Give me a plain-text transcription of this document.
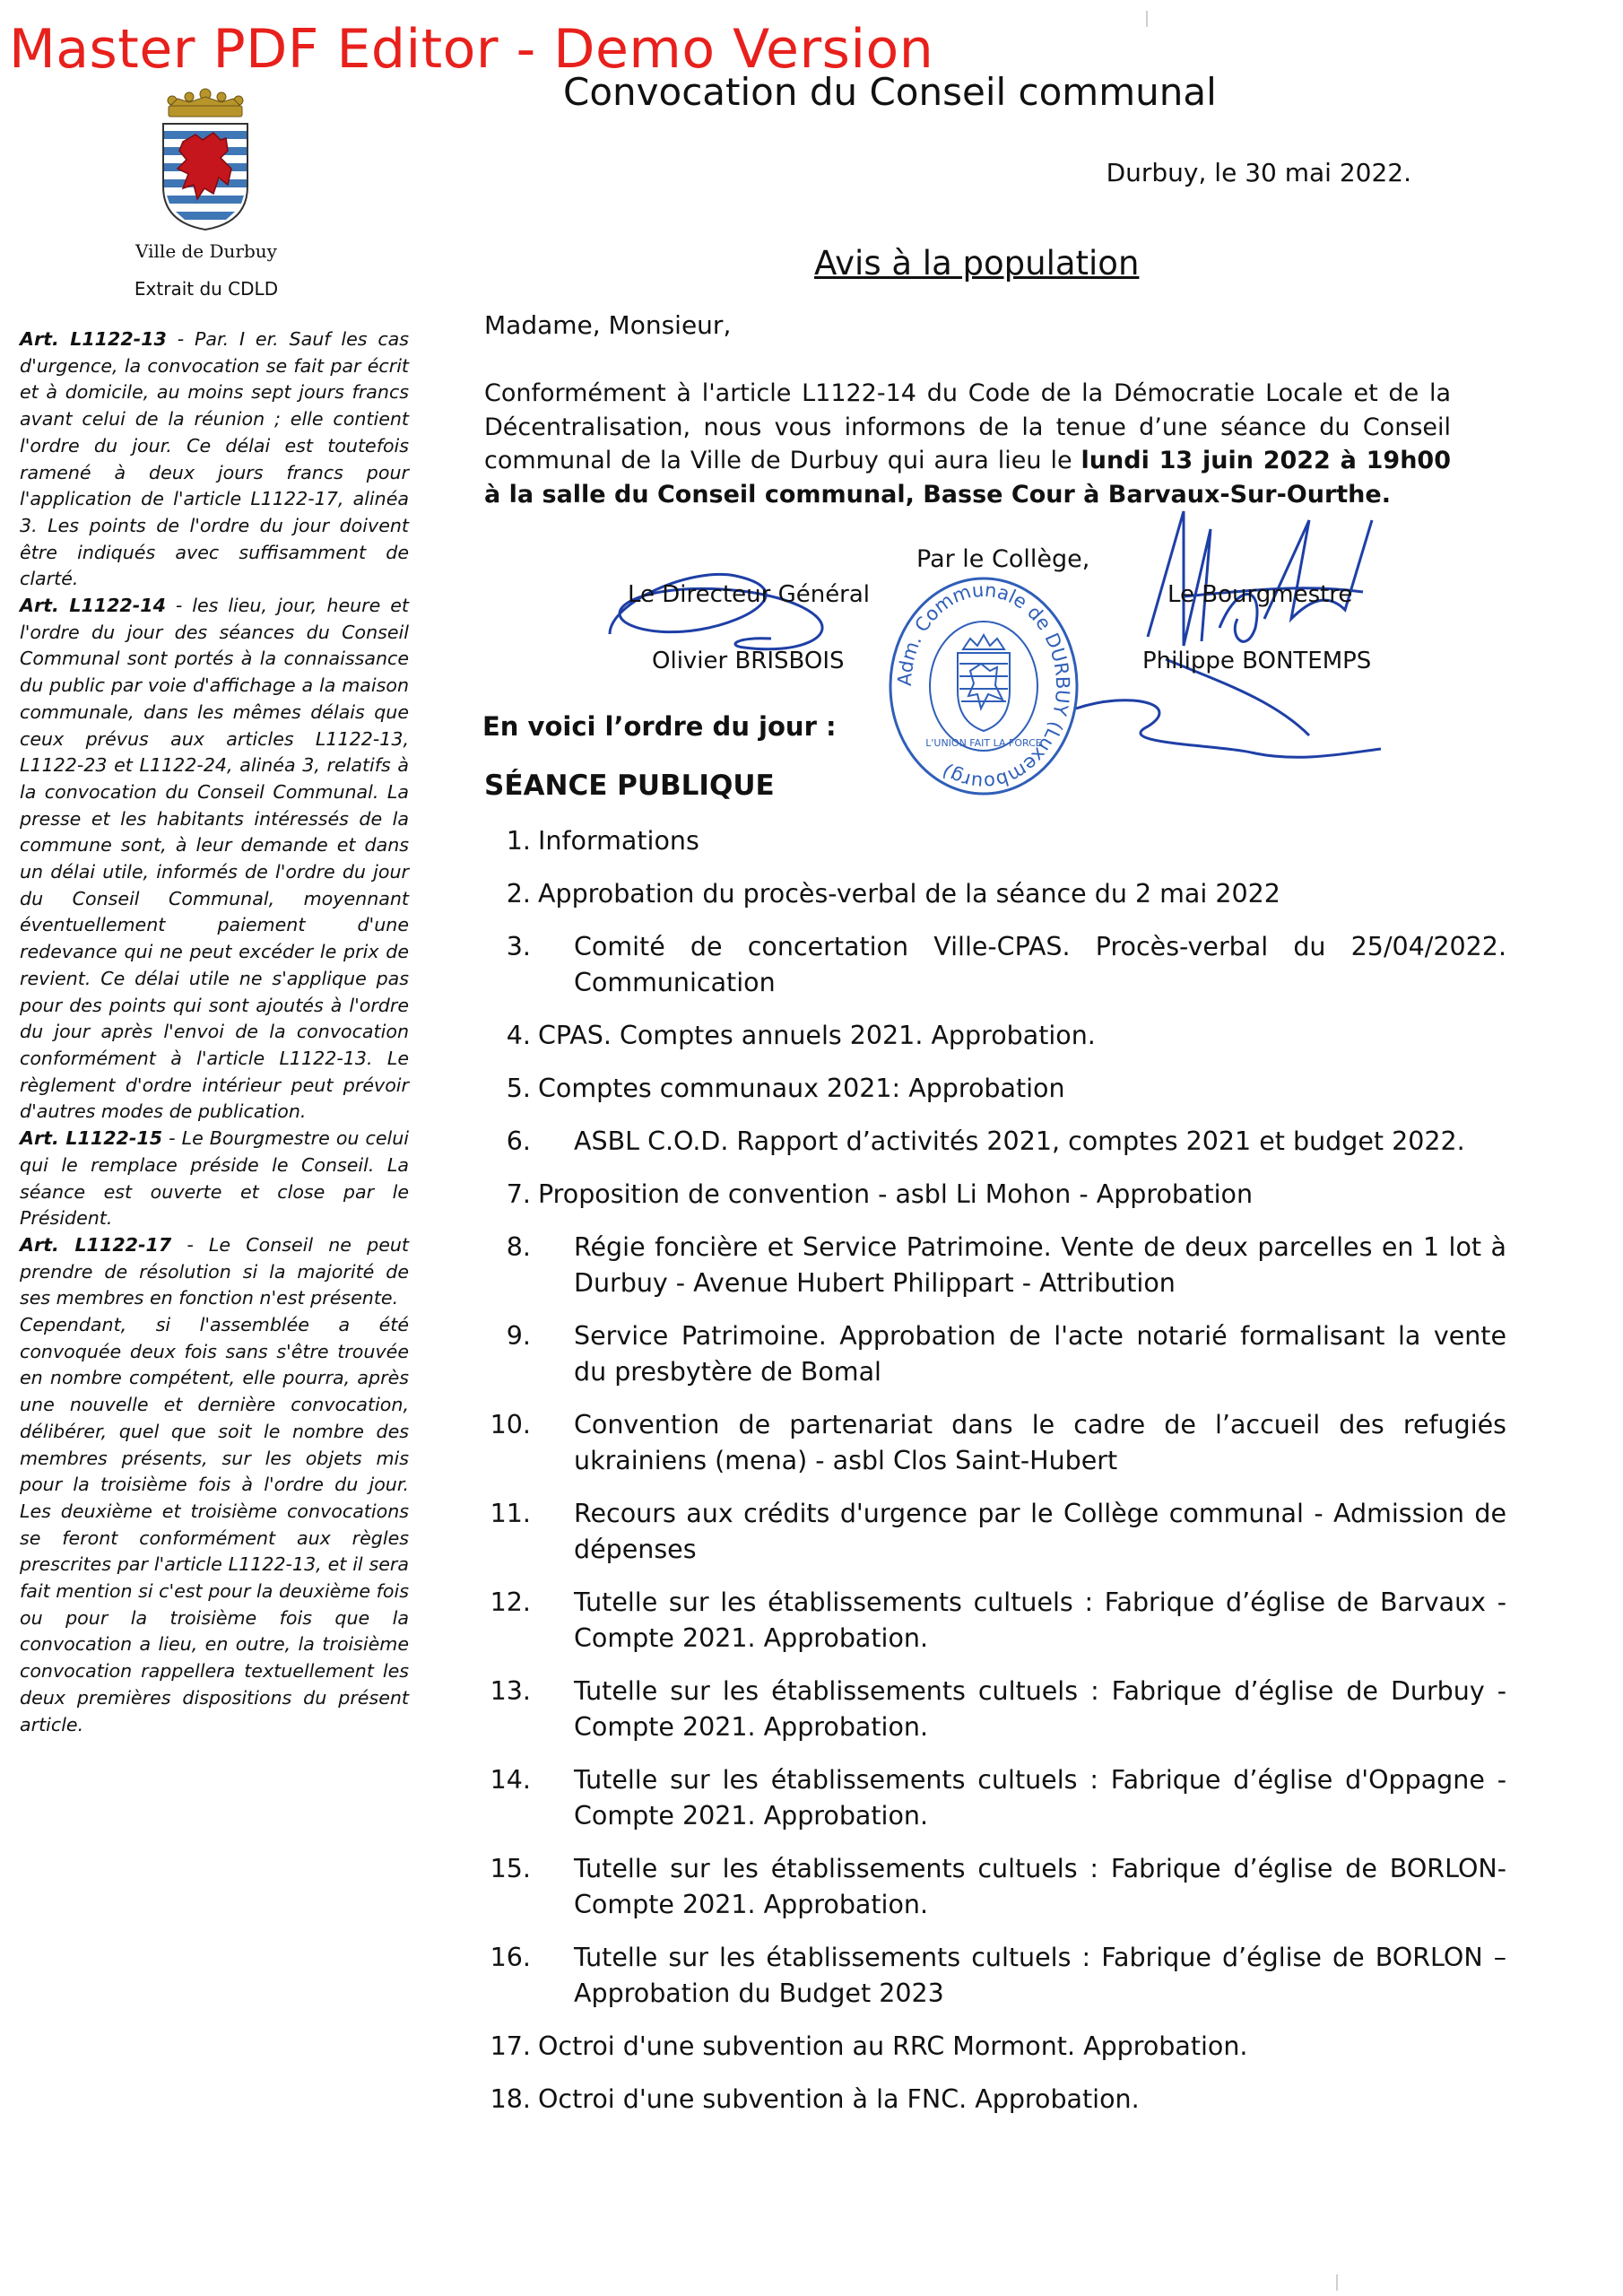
Master PDF Editor - Demo Version
Convocation du Conseil communal
Durbuy, le 30 mai 2022.
Ville de Durbuy
Extrait du CDLD

Art. L1122-13 - Par. I er. Sauf les cas d'urgence, la convocation se fait par écrit et à domicile, au moins sept jours francs avant celui de la réunion ; elle contient l'ordre du jour. Ce délai est toutefois ramené à deux jours francs pour l'application de l'article L1122-17, alinéa 3. Les points de l'ordre du jour doivent être indiqués avec suffisamment de clarté.

Art. L1122-14 - les lieu, jour, heure et l'ordre du jour des séances du Conseil Communal sont portés à la connaissance du public par voie d'affichage a la maison communale, dans les mêmes délais que ceux prévus aux articles L1122-13, L1122-23 et L1122-24, alinéa 3, relatifs à la convocation du Conseil Communal. La presse et les habitants intéressés de la commune sont, à leur demande et dans un délai utile, informés de l'ordre du jour du Conseil Communal, moyennant éventuellement paiement d'une redevance qui ne peut excéder le prix de revient. Ce délai utile ne s'applique pas pour des points qui sont ajoutés à l'ordre du jour après l'envoi de la convocation conformément à l'article L1122-13. Le règlement d'ordre intérieur peut prévoir d'autres modes de publication.

Art. L1122-15 - Le Bourgmestre ou celui qui le remplace préside le Conseil. La séance est ouverte et close par le Président.

Art. L1122-17 - Le Conseil ne peut prendre de résolution si la majorité de ses membres en fonction n'est présente.

Cependant, si l'assemblée a été convoquée deux fois sans s'être trouvée en nombre compétent, elle pourra, après une nouvelle et dernière convocation, délibérer, quel que soit le nombre des membres présents, sur les objets mis pour la troisième fois à l'ordre du jour. Les deuxième et troisième convocations se feront conformément aux règles prescrites par l'article L1122-13, et il sera fait mention si c'est pour la deuxième fois ou pour la troisième fois que la convocation a lieu, en outre, la troisième convocation rappellera textuellement les deux premières dispositions du présent article.

Avis à la population
Madame, Monsieur,
Conformément à l'article L1122-14 du Code de la Démocratie Locale et de la Décentralisation, nous vous informons de la tenue d’une séance du Conseil communal de la Ville de Durbuy qui aura lieu le lundi 13 juin 2022 à 19h00 à la salle du Conseil communal, Basse Cour à Barvaux-Sur-Ourthe.
Adm. Communale de DURBUY (Luxembourg)
L'UNION FAIT LA FORCE
Par le Collège,
Le Directeur Général	Le Bourgmestre
Olivier BRISBOIS	Philippe BONTEMPS
En voici l’ordre du jour :
SÉANCE PUBLIQUE
1. Informations
2. Approbation du procès-verbal de la séance du 2 mai 2022
3.	Comité de concertation Ville-CPAS. Procès-verbal du 25/04/2022. Communication
4. CPAS. Comptes annuels 2021. Approbation.
5. Comptes communaux 2021: Approbation
6.	ASBL C.O.D. Rapport d’activités 2021, comptes 2021 et budget 2022.
7. Proposition de convention - asbl Li Mohon - Approbation
8.	Régie foncière et Service Patrimoine. Vente de deux parcelles en 1 lot à Durbuy - Avenue Hubert Philippart - Attribution
9.	Service Patrimoine. Approbation de l'acte notarié formalisant la vente du presbytère de Bomal
10.	Convention de partenariat dans le cadre de l’accueil des refugiés ukrainiens (mena) - asbl Clos Saint-Hubert
11.	Recours aux crédits d'urgence par le Collège communal - Admission de dépenses
12.	Tutelle sur les établissements cultuels : Fabrique d’église de Barvaux - Compte 2021. Approbation.
13.	Tutelle sur les établissements cultuels : Fabrique d’église de Durbuy - Compte 2021. Approbation.
14.	Tutelle sur les établissements cultuels : Fabrique d’église d'Oppagne - Compte 2021. Approbation.
15.	Tutelle sur les établissements cultuels : Fabrique d’église de BORLON-Compte 2021. Approbation.
16.	Tutelle sur les établissements cultuels : Fabrique d’église de BORLON – Approbation du Budget 2023
17. Octroi d'une subvention au RRC Mormont. Approbation.
18. Octroi d'une subvention à la FNC. Approbation.
